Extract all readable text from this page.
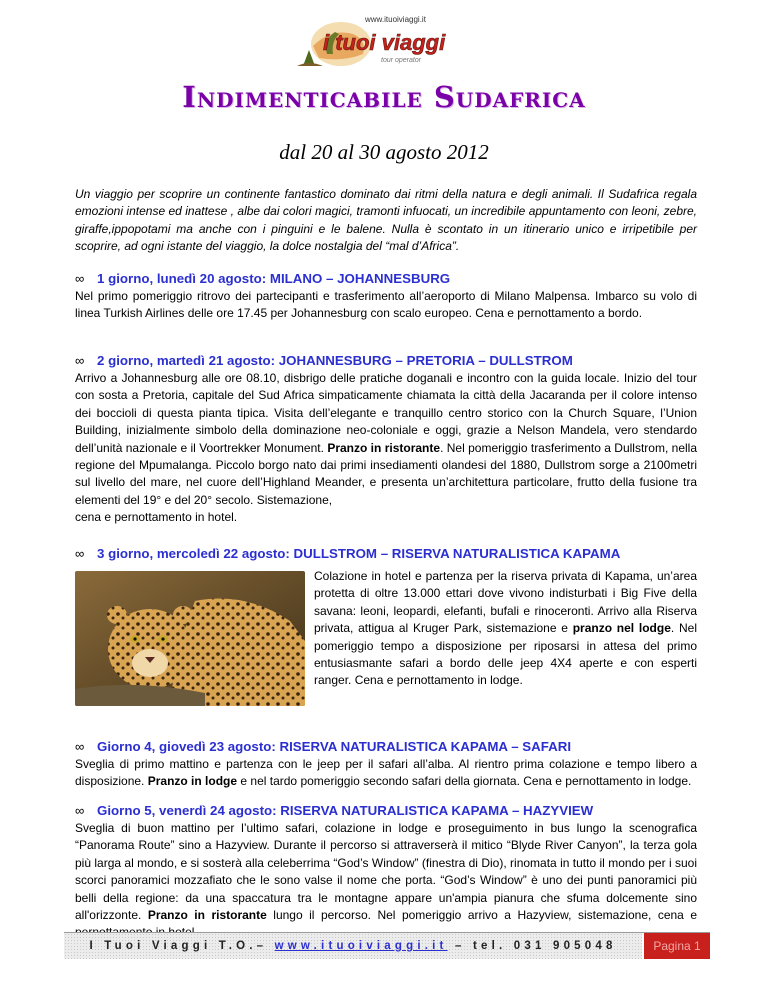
www.ituoiviaggi.it
i tuoi viaggi
tour operator
Indimenticabile Sudafrica
dal 20 al 30 agosto 2012
Un viaggio per scoprire un continente fantastico dominato dai ritmi della natura e degli animali. Il Sudafrica regala emozioni intense ed inattese , albe dai colori magici, tramonti infuocati, un incredibile appuntamento con leoni, zebre, giraffe,ippopotami ma anche con i pinguini e le balene. Nulla è scontato in un itinerario unico e irripetibile per scoprire, ad ogni istante del viaggio, la dolce nostalgia del “mal d’Africa”.
∞ 1 giorno, lunedì 20 agosto: MILANO – JOHANNESBURG
Nel primo pomeriggio ritrovo dei partecipanti e trasferimento all’aeroporto di Milano Malpensa. Imbarco su volo di linea Turkish Airlines delle ore 17.45 per Johannesburg con scalo europeo. Cena e pernottamento a bordo.
∞ 2 giorno, martedì 21 agosto: JOHANNESBURG – PRETORIA – DULLSTROM
Arrivo a Johannesburg alle ore 08.10, disbrigo delle pratiche doganali e incontro con la guida locale. Inizio del tour con sosta a Pretoria, capitale del Sud Africa simpaticamente chiamata la città della Jacaranda per il colore intenso dei boccioli di questa pianta tipica. Visita dell’elegante e tranquillo centro storico con la Church Square, l’Union Building, inizialmente simbolo della dominazione neo-coloniale e oggi, grazie a Nelson Mandela, vero stendardo dell’unità nazionale e il Voortrekker Monument. Pranzo in ristorante. Nel pomeriggio trasferimento a Dullstrom, nella regione del Mpumalanga. Piccolo borgo nato dai primi insediamenti olandesi del 1880, Dullstrom sorge a 2100metri sul livello del mare, nel cuore dell’Highland Meander, e presenta un’architettura particolare, frutto della fusione tra elementi del 19° e del 20° secolo. Sistemazione,
cena e pernottamento in hotel.
∞ 3 giorno, mercoledì 22 agosto: DULLSTROM – RISERVA NATURALISTICA KAPAMA
Colazione in hotel e partenza per la riserva privata di Kapama, un’area protetta di oltre 13.000 ettari dove vivono indisturbati i Big Five della savana: leoni, leopardi, elefanti, bufali e rinoceronti. Arrivo alla Riserva privata, attigua al Kruger Park, sistemazione e pranzo nel lodge. Nel pomeriggio tempo a disposizione per riposarsi in attesa del primo entusiasmante safari a bordo delle jeep 4X4 aperte e con esperti ranger. Cena e pernottamento in lodge.
∞ Giorno 4, giovedì 23 agosto: RISERVA NATURALISTICA KAPAMA – SAFARI
Sveglia di primo mattino e partenza con le jeep per il safari all’alba. Al rientro prima colazione e tempo libero a disposizione. Pranzo in lodge e nel tardo pomeriggio secondo safari della giornata. Cena e pernottamento in lodge.
∞ Giorno 5, venerdì 24 agosto: RISERVA NATURALISTICA KAPAMA – HAZYVIEW
Sveglia di buon mattino per l’ultimo safari, colazione in lodge e proseguimento in bus lungo la scenografica “Panorama Route” sino a Hazyview. Durante il percorso si attraverserà il mitico “Blyde River Canyon”, la terza gola più larga al mondo, e si sosterà alla celeberrima “God’s Window” (finestra di Dio), rinomata in tutto il mondo per i suoi scorci panoramici mozzafiato che le sono valse il nome che porta. “God’s Window” è uno dei punti panoramici più belli della regione: da una spaccatura tra le montagne appare un'ampia pianura che sfuma dolcemente sino all'orizzonte. Pranzo in ristorante lungo il percorso. Nel pomeriggio arrivo a Hazyview, sistemazione, cena e
I Tuoi Viaggi T.O.–
www.ituoiviaggi.it
– tel. 031 905048	Pagina 1
